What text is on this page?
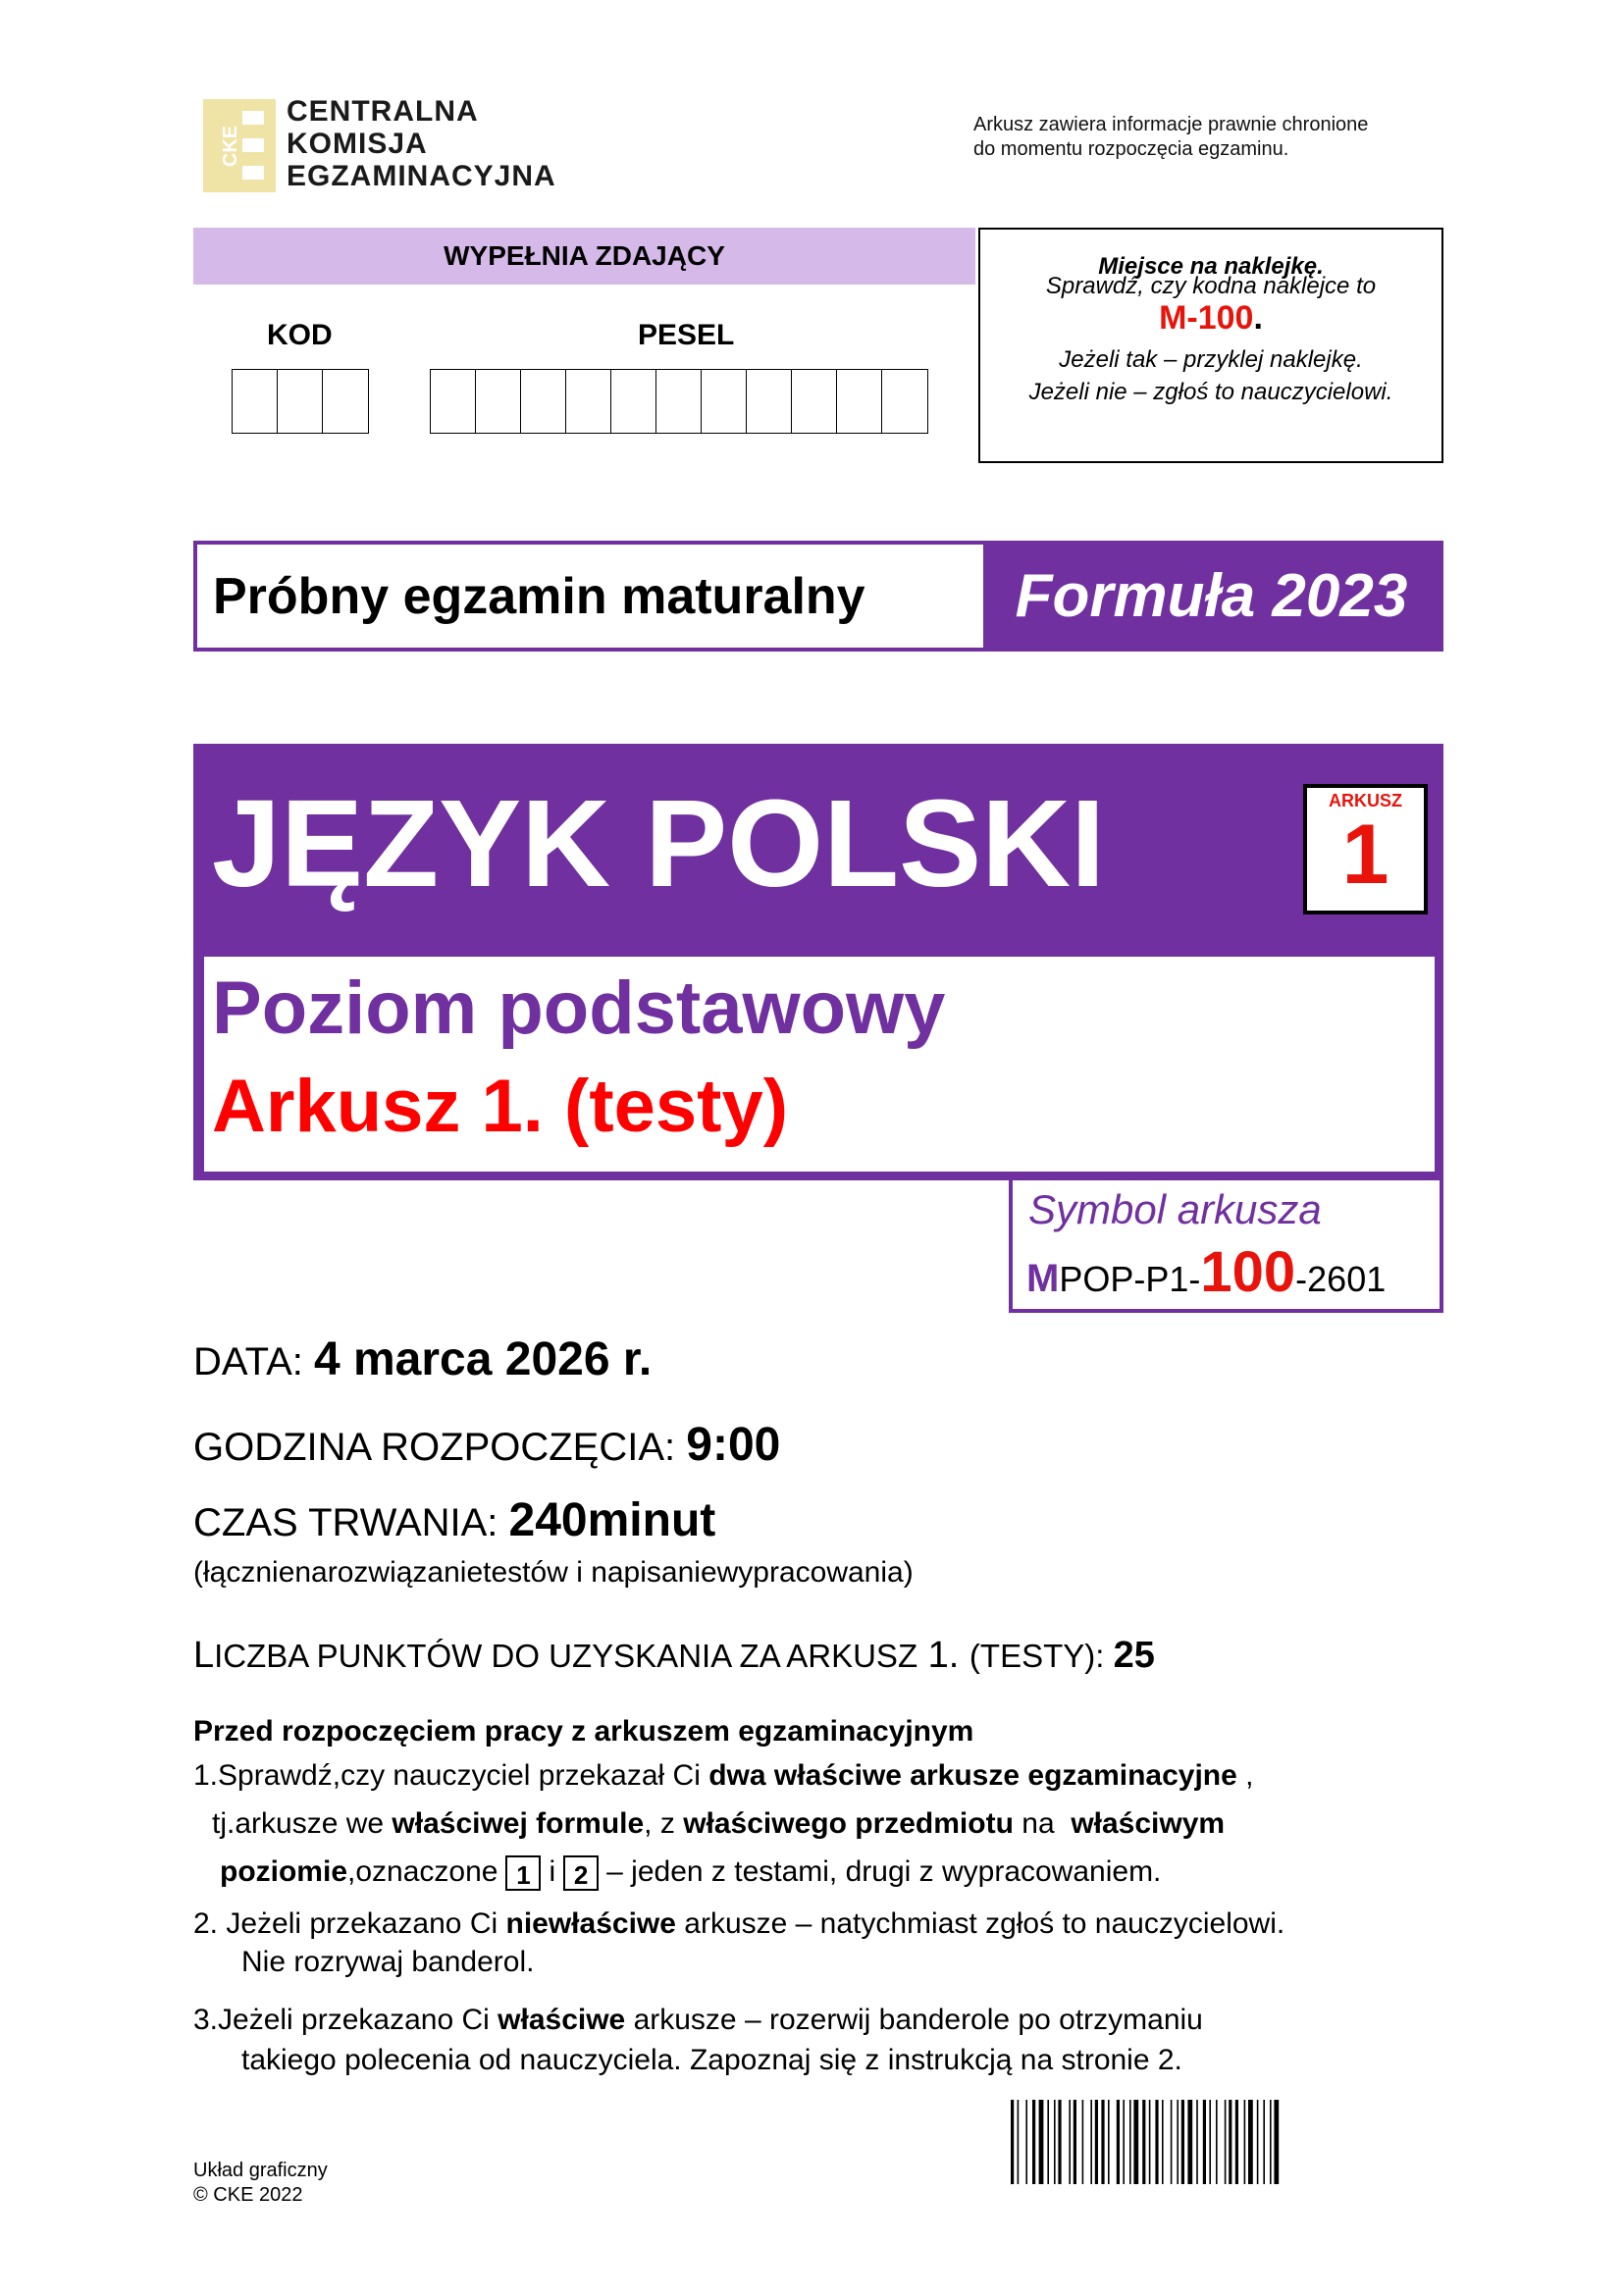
CKE
CENTRALNA
KOMISJA
EGZAMINACYJNA
Arkusz zawiera informacje prawnie chronione
do momentu rozpoczęcia egzaminu.
WYPEŁNIA ZDAJĄCY
KOD	PESEL
Miejsce na naklejkę.
Sprawdź, czy kodna naklejce to
M-100.
Jeżeli tak – przyklej naklejkę.
Jeżeli nie – zgłoś to nauczycielowi.
Próbny egzamin maturalny	Formuła 2023
JĘZYK POLSKI	ARKUSZ
1
Poziom podstawowy
Arkusz 1. (testy)
Symbol arkusza
MPOP-P1-100-2601
DATA: 4 marca 2026 r.
GODZINA ROZPOCZĘCIA: 9:00
CZAS TRWANIA: 240minut
(łącznienarozwiązanietestów i napisaniewypracowania)
LICZBA PUNKTÓW DO UZYSKANIA ZA ARKUSZ 1. (TESTY): 25
Przed rozpoczęciem pracy z arkuszem egzaminacyjnym
1.Sprawdź,czy nauczyciel przekazał Ci dwa właściwe arkusze egzaminacyjne ,
tj.arkusze we właściwej formule, z właściwego przedmiotu na  właściwym
poziomie,oznaczone 1 i 2 – jeden z testami, drugi z wypracowaniem.
2. Jeżeli przekazano Ci niewłaściwe arkusze – natychmiast zgłoś to nauczycielowi.
Nie rozrywaj banderol.
3.Jeżeli przekazano Ci właściwe arkusze – rozerwij banderole po otrzymaniu
takiego polecenia od nauczyciela. Zapoznaj się z instrukcją na stronie 2.
Układ graficzny
© CKE 2022
